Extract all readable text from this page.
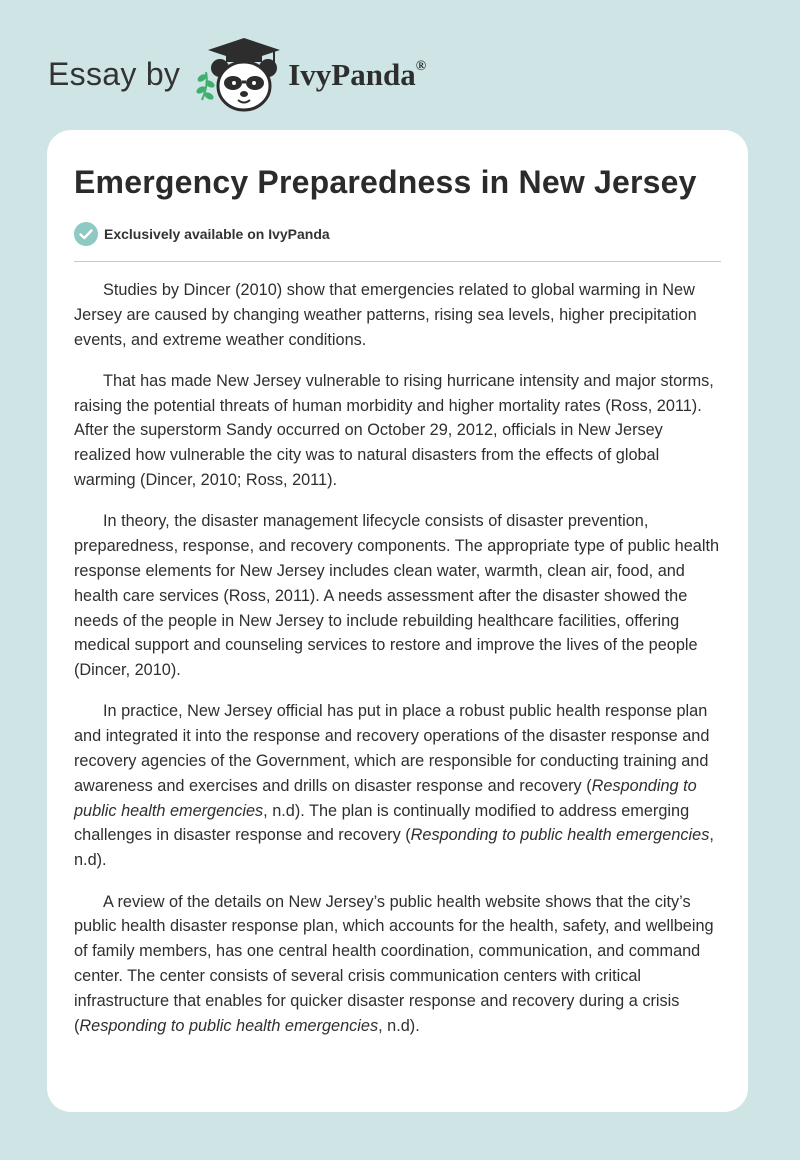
Essay by	IvyPanda®
Emergency Preparedness in New Jersey
Exclusively available on IvyPanda

Studies by Dincer (2010) show that emergencies related to global warming in New Jersey are caused by changing weather patterns, rising sea levels, higher precipitation events, and extreme weather conditions.

That has made New Jersey vulnerable to rising hurricane intensity and major storms, raising the potential threats of human morbidity and higher mortality rates (Ross, 2011). After the superstorm Sandy occurred on October 29, 2012, officials in New Jersey realized how vulnerable the city was to natural disasters from the effects of global warming (Dincer, 2010; Ross, 2011).

In theory, the disaster management lifecycle consists of disaster prevention, preparedness, response, and recovery components. The appropriate type of public health response elements for New Jersey includes clean water, warmth, clean air, food, and health care services (Ross, 2011). A needs assessment after the disaster showed the needs of the people in New Jersey to include rebuilding healthcare facilities, offering medical support and counseling services to restore and improve the lives of the people (Dincer, 2010).

In practice, New Jersey official has put in place a robust public health response plan and integrated it into the response and recovery operations of the disaster response and recovery agencies of the Government, which are responsible for conducting training and awareness and exercises and drills on disaster response and recovery (Responding to public health emergencies, n.d). The plan is continually modified to address emerging challenges in disaster response and recovery (Responding to public health emergencies, n.d).

A review of the details on New Jersey’s public health website shows that the city’s public health disaster response plan, which accounts for the health, safety, and wellbeing of family members, has one central health coordination, communication, and command center. The center consists of several crisis communication centers with critical infrastructure that enables for quicker disaster response and recovery during a crisis (Responding to public health emergencies, n.d).
